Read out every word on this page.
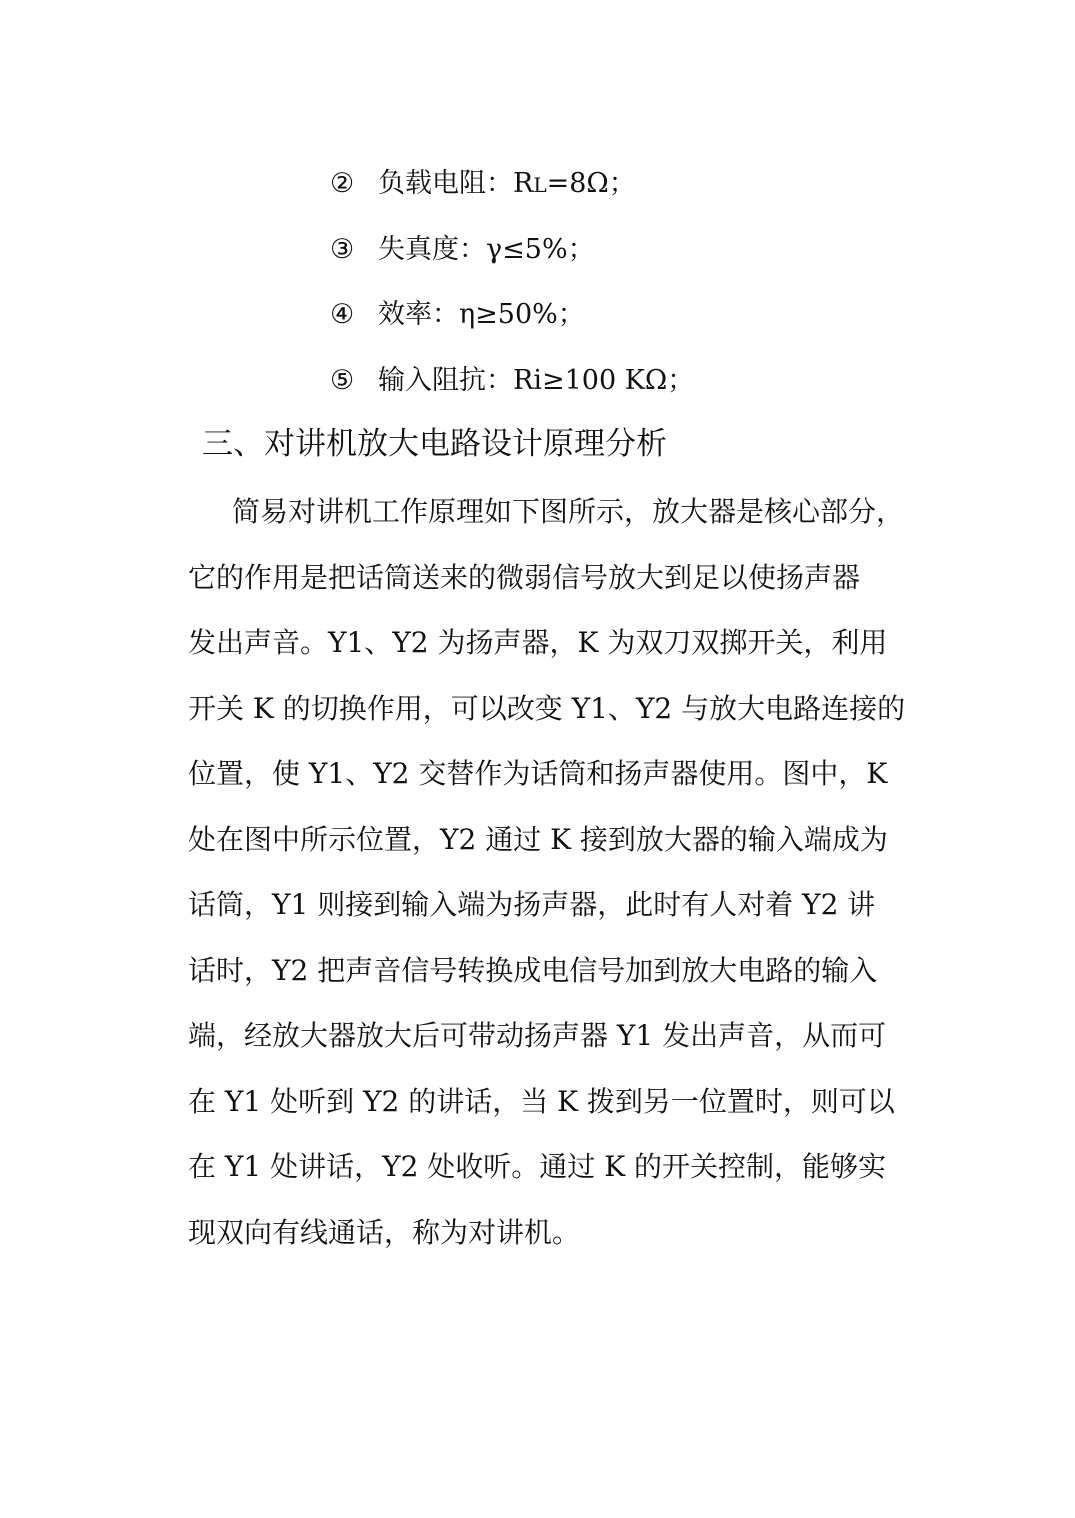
② 负载电阻：RL=8Ω；
③ 失真度：γ≤5%；
④ 效率：η≥50%；
⑤ 输入阻抗：Ri≥100 KΩ；
三、对讲机放大电路设计原理分析
简易对讲机工作原理如下图所示，放大器是核心部分，
它的作用是把话筒送来的微弱信号放大到足以使扬声器
发出声音。Y1、Y2 为扬声器，K 为双刀双掷开关，利用
开关 K 的切换作用，可以改变 Y1、Y2 与放大电路连接的
位置，使 Y1、Y2 交替作为话筒和扬声器使用。图中，K
处在图中所示位置，Y2 通过 K 接到放大器的输入端成为
话筒，Y1 则接到输入端为扬声器，此时有人对着 Y2 讲
话时，Y2 把声音信号转换成电信号加到放大电路的输入
端，经放大器放大后可带动扬声器 Y1 发出声音，从而可
在 Y1 处听到 Y2 的讲话，当 K 拨到另一位置时，则可以
在 Y1 处讲话，Y2 处收听。通过 K 的开关控制，能够实
现双向有线通话，称为对讲机。
